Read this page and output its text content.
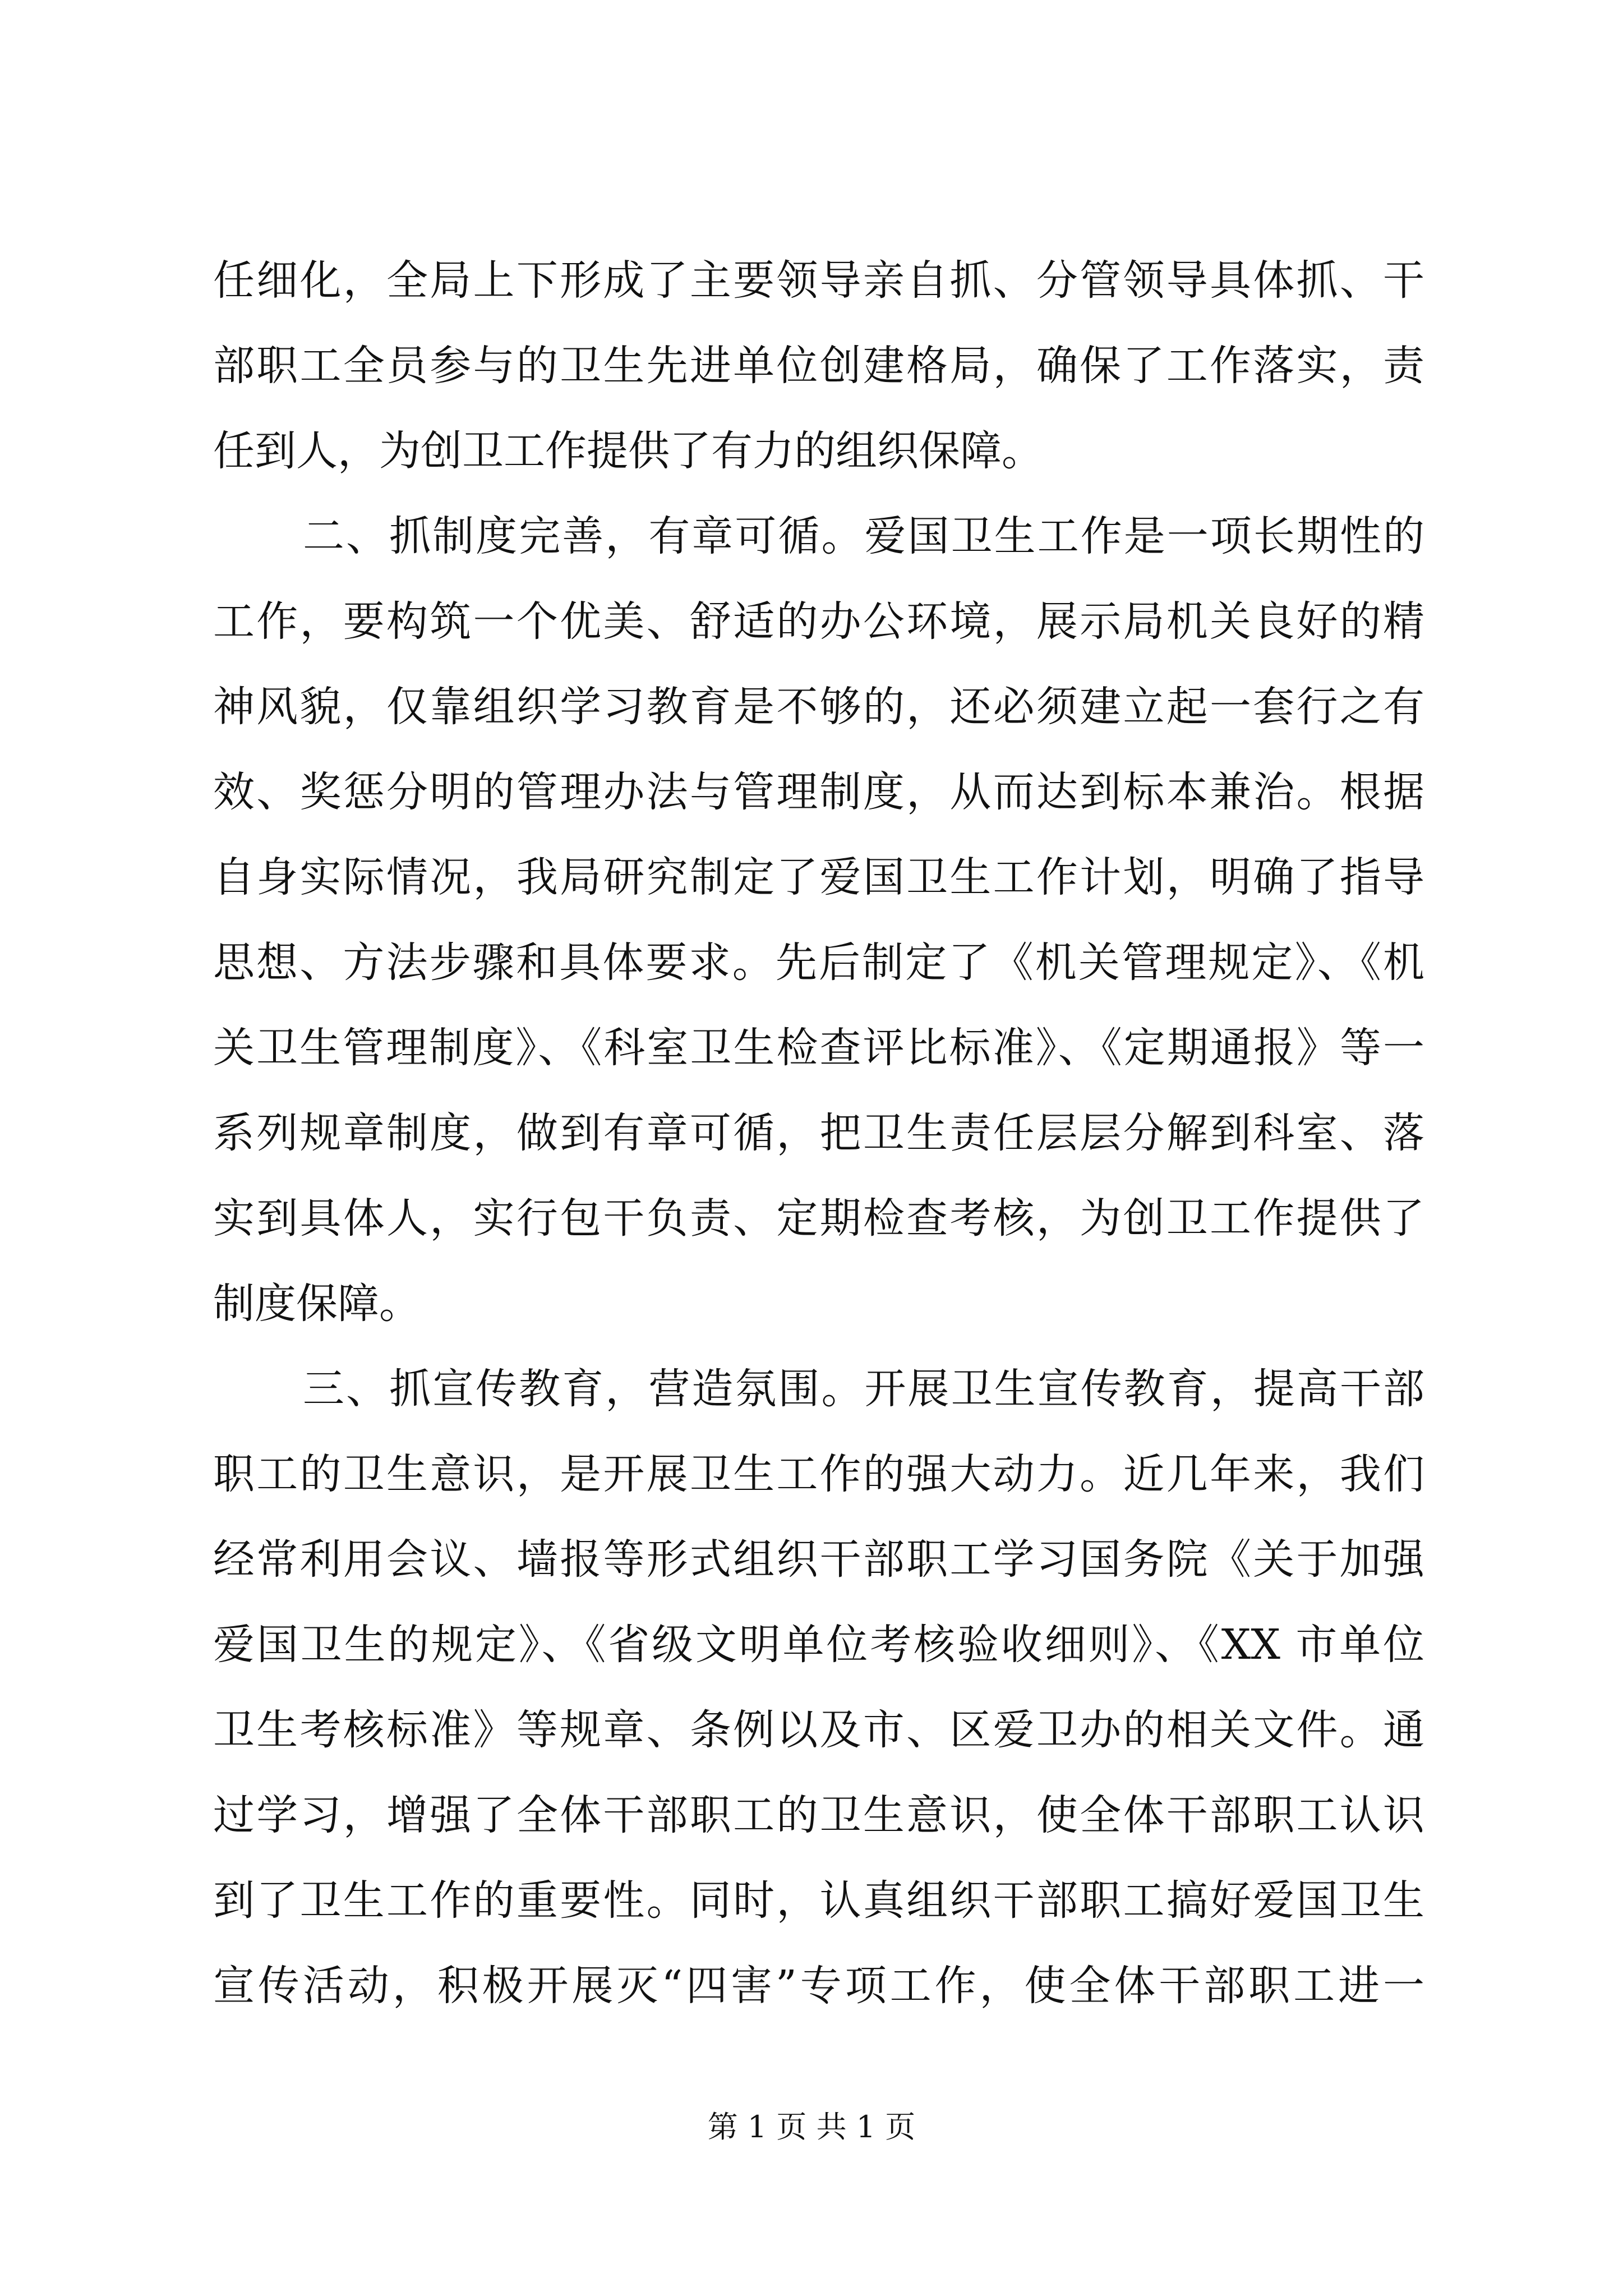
任细化，全局上下形成了主要领导亲自抓、分管领导具体抓、干
部职工全员参与的卫生先进单位创建格局，确保了工作落实，责
任到人，为创卫工作提供了有力的组织保障。
二、抓制度完善，有章可循。爱国卫生工作是一项长期性的
工作，要构筑一个优美、舒适的办公环境，展示局机关良好的精
神风貌，仅靠组织学习教育是不够的，还必须建立起一套行之有
效、奖惩分明的管理办法与管理制度，从而达到标本兼治。根据
自身实际情况，我局研究制定了爱国卫生工作计划，明确了指导
思想、方法步骤和具体要求。先后制定了《机关管理规定》、《机
关卫生管理制度》、《科室卫生检查评比标准》、《定期通报》等一
系列规章制度，做到有章可循，把卫生责任层层分解到科室、落
实到具体人，实行包干负责、定期检查考核，为创卫工作提供了
制度保障。
三、抓宣传教育，营造氛围。开展卫生宣传教育，提高干部
职工的卫生意识，是开展卫生工作的强大动力。近几年来，我们
经常利用会议、墙报等形式组织干部职工学习国务院《关于加强
爱国卫生的规定》、《省级文明单位考核验收细则》、《XX 市单位
卫生考核标准》等规章、条例以及市、区爱卫办的相关文件。通
过学习，增强了全体干部职工的卫生意识，使全体干部职工认识
到了卫生工作的重要性。同时，认真组织干部职工搞好爱国卫生
宣传活动，积极开展灭“四害”专项工作，使全体干部职工进一
第 1 页 共 1 页
